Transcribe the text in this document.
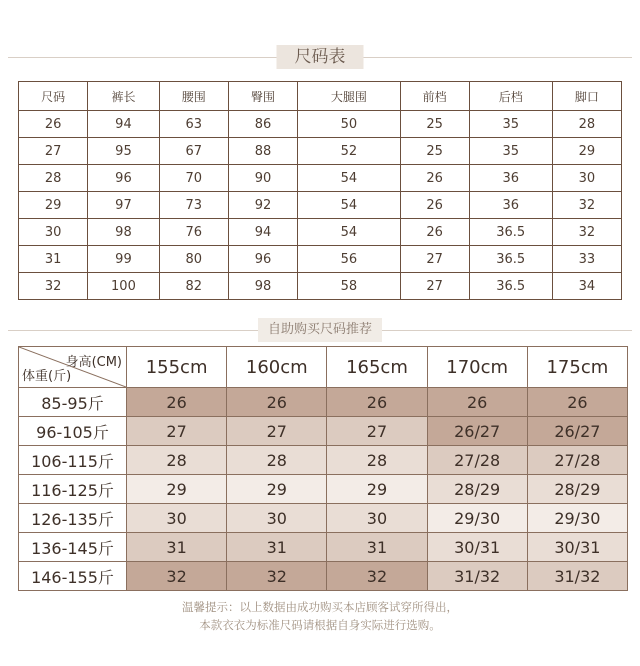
尺码表
尺码	裤长	腰围	臀围	大腿围	前档	后档	脚口
26	94	63	86	50	25	35	28
27	95	67	88	52	25	35	29
28	96	70	90	54	26	36	30
29	97	73	92	54	26	36	32
30	98	76	94	54	26	36.5	32
31	99	80	96	56	27	36.5	33
32	100	82	98	58	27	36.5	34
自助购买尺码推荐
身高(CM)
体重(斤)	155cm	160cm	165cm	170cm	175cm
85-95斤	26	26	26	26	26
96-105斤	27	27	27	26/27	26/27
106-115斤	28	28	28	27/28	27/28
116-125斤	29	29	29	28/29	28/29
126-135斤	30	30	30	29/30	29/30
136-145斤	31	31	31	30/31	30/31
146-155斤	32	32	32	31/32	31/32
温馨提示：以上数据由成功购买本店顾客试穿所得出，
本款衣衣为标准尺码请根据自身实际进行选购。
